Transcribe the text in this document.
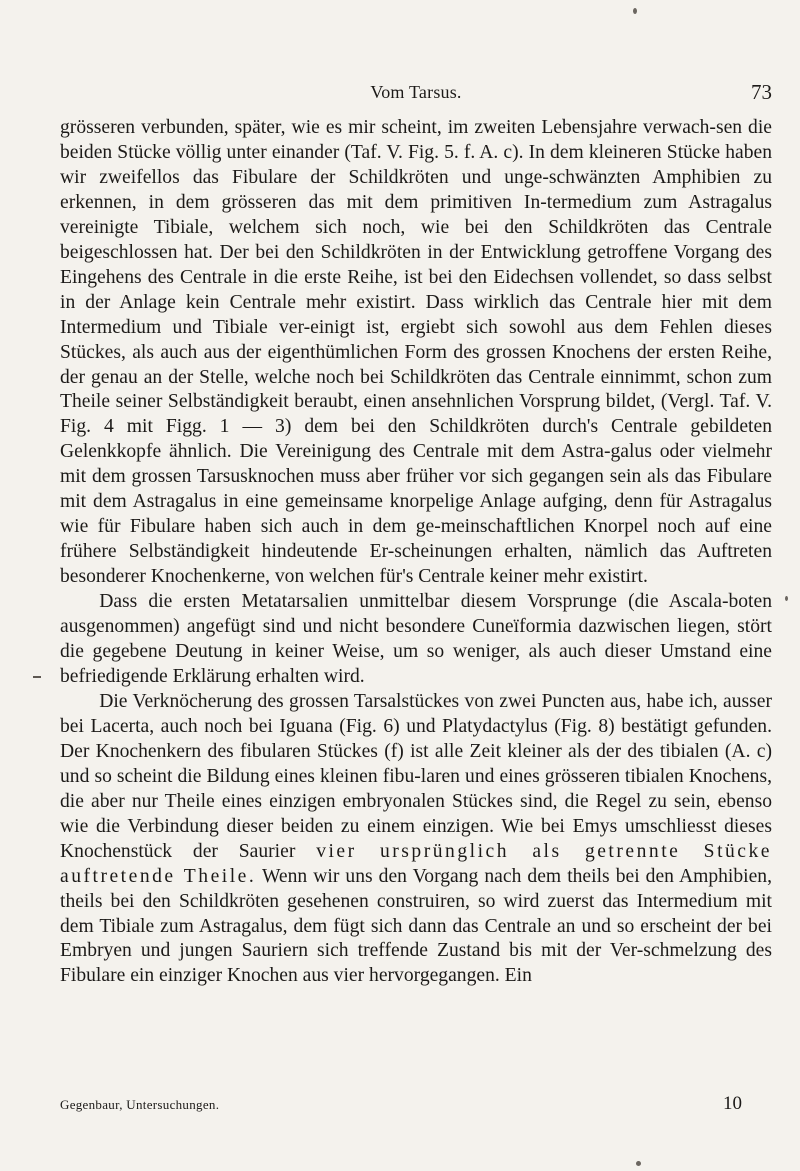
Vom Tarsus.	73

grösseren verbunden, später, wie es mir scheint, im zweiten Lebensjahre verwach-sen die beiden Stücke völlig unter einander (Taf. V. Fig. 5. f. A. c). In dem kleineren Stücke haben wir zweifellos das Fibulare der Schildkröten und unge-schwänzten Amphibien zu erkennen, in dem grösseren das mit dem primitiven In-termedium zum Astragalus vereinigte Tibiale, welchem sich noch, wie bei den Schildkröten das Centrale beigeschlossen hat. Der bei den Schildkröten in der Entwicklung getroffene Vorgang des Eingehens des Centrale in die erste Reihe, ist bei den Eidechsen vollendet, so dass selbst in der Anlage kein Centrale mehr existirt. Dass wirklich das Centrale hier mit dem Intermedium und Tibiale ver-einigt ist, ergiebt sich sowohl aus dem Fehlen dieses Stückes, als auch aus der eigenthümlichen Form des grossen Knochens der ersten Reihe, der genau an der Stelle, welche noch bei Schildkröten das Centrale einnimmt, schon zum Theile seiner Selbständigkeit beraubt, einen ansehnlichen Vorsprung bildet, (Vergl. Taf. V. Fig. 4 mit Figg. 1 — 3) dem bei den Schildkröten durch's Centrale gebildeten Gelenkkopfe ähnlich. Die Vereinigung des Centrale mit dem Astra-galus oder vielmehr mit dem grossen Tarsusknochen muss aber früher vor sich gegangen sein als das Fibulare mit dem Astragalus in eine gemeinsame knorpelige Anlage aufging, denn für Astragalus wie für Fibulare haben sich auch in dem ge-meinschaftlichen Knorpel noch auf eine frühere Selbständigkeit hindeutende Er-scheinungen erhalten, nämlich das Auftreten besonderer Knochenkerne, von welchen für's Centrale keiner mehr existirt.

Dass die ersten Metatarsalien unmittelbar diesem Vorsprunge (die Ascala-boten ausgenommen) angefügt sind und nicht besondere Cuneïformia dazwischen liegen, stört die gegebene Deutung in keiner Weise, um so weniger, als auch dieser Umstand eine befriedigende Erklärung erhalten wird.

Die Verknöcherung des grossen Tarsalstückes von zwei Puncten aus, habe ich, ausser bei Lacerta, auch noch bei Iguana (Fig. 6) und Platydactylus (Fig. 8) bestätigt gefunden. Der Knochenkern des fibularen Stückes (f) ist alle Zeit kleiner als der des tibialen (A. c) und so scheint die Bildung eines kleinen fibu-laren und eines grösseren tibialen Knochens, die aber nur Theile eines einzigen embryonalen Stückes sind, die Regel zu sein, ebenso wie die Verbindung dieser beiden zu einem einzigen. Wie bei Emys umschliesst dieses Knochenstück der Saurier vier ursprünglich als getrennte Stücke auftretende Theile. Wenn wir uns den Vorgang nach dem theils bei den Amphibien, theils bei den Schildkröten gesehenen construiren, so wird zuerst das Intermedium mit dem Tibiale zum Astragalus, dem fügt sich dann das Centrale an und so erscheint der bei Embryen und jungen Sauriern sich treffende Zustand bis mit der Ver-schmelzung des Fibulare ein einziger Knochen aus vier hervorgegangen. Ein

Gegenbaur, Untersuchungen.	10
